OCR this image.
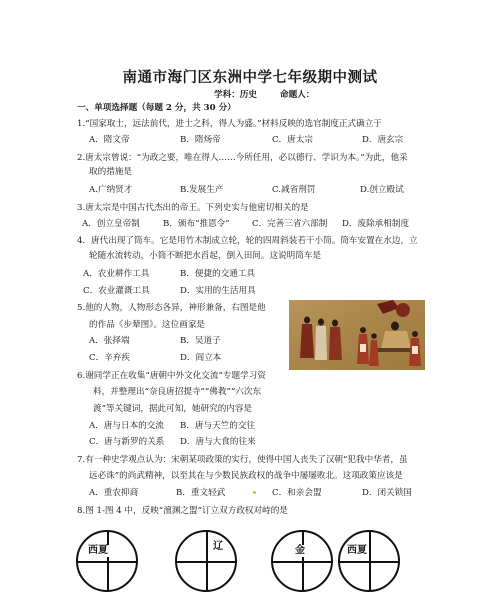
南通市海门区东洲中学七年级期中测试
学科：历史	命题人：
一、单项选择题（每题 2 分，共 30 分）
1.“国家取士，远法前代，进士之科，得人为盛。”材料反映的选官制度正式确立于
A．隋文帝	B．隋炀帝	C．唐太宗	D．唐玄宗
2.唐太宗曾说：“为政之要，唯在得人……今所任用，必以德行、学识为本。”为此，他采
取的措施是
A.广纳贤才	B.发展生产	C.减省刑罚	D.创立殿试
3.唐太宗是中国古代杰出的帝王。下列史实与他密切相关的是
A．创立皇帝制	B．颁布“推恩令”	C．完善三省六部制 D．废除承相制度
4．唐代出现了筒车。它是用竹木制成立轮，轮的四周斜装若干小筒。筒车安置在水边，立
轮随水流转动，小筒不断把水舀起，倒入田间。这说明筒车是
A．农业耕作工具	B．便捷的交通工具
C．农业灌溉工具	D．实用的生活用具
5.他的人物，人物形态各异，神形兼备，右图是他
的作品《步辇图》。这位画家是
A．张择端	B．吴道子
C．辛弃疾	D．阎立本
6.谢同学正在收集“唐朝中外文化交流”专题学习资
料，并整理出“奈良唐招提寺”“佛教”“六次东
渡”等关键词，据此可知，她研究的内容是
A．唐与日本的交流 B．唐与天竺的交往
C．唐与新罗的关系 D．唐与大食的往来
7.有一种史学观点认为：宋朝某项政策的实行，使得中国人丧失了汉朝“犯我中华者，虽
远必诛”的尚武精神，以至其在与少数民族政权的战争中屡屡败北。这项政策应该是
A．重农抑商	B．重文轻武	C．和亲会盟	D．闭关锁国
8.图 1-图 4 中，反映“澶渊之盟”订立双方政权对峙的是
西夏	辽	金	西夏
